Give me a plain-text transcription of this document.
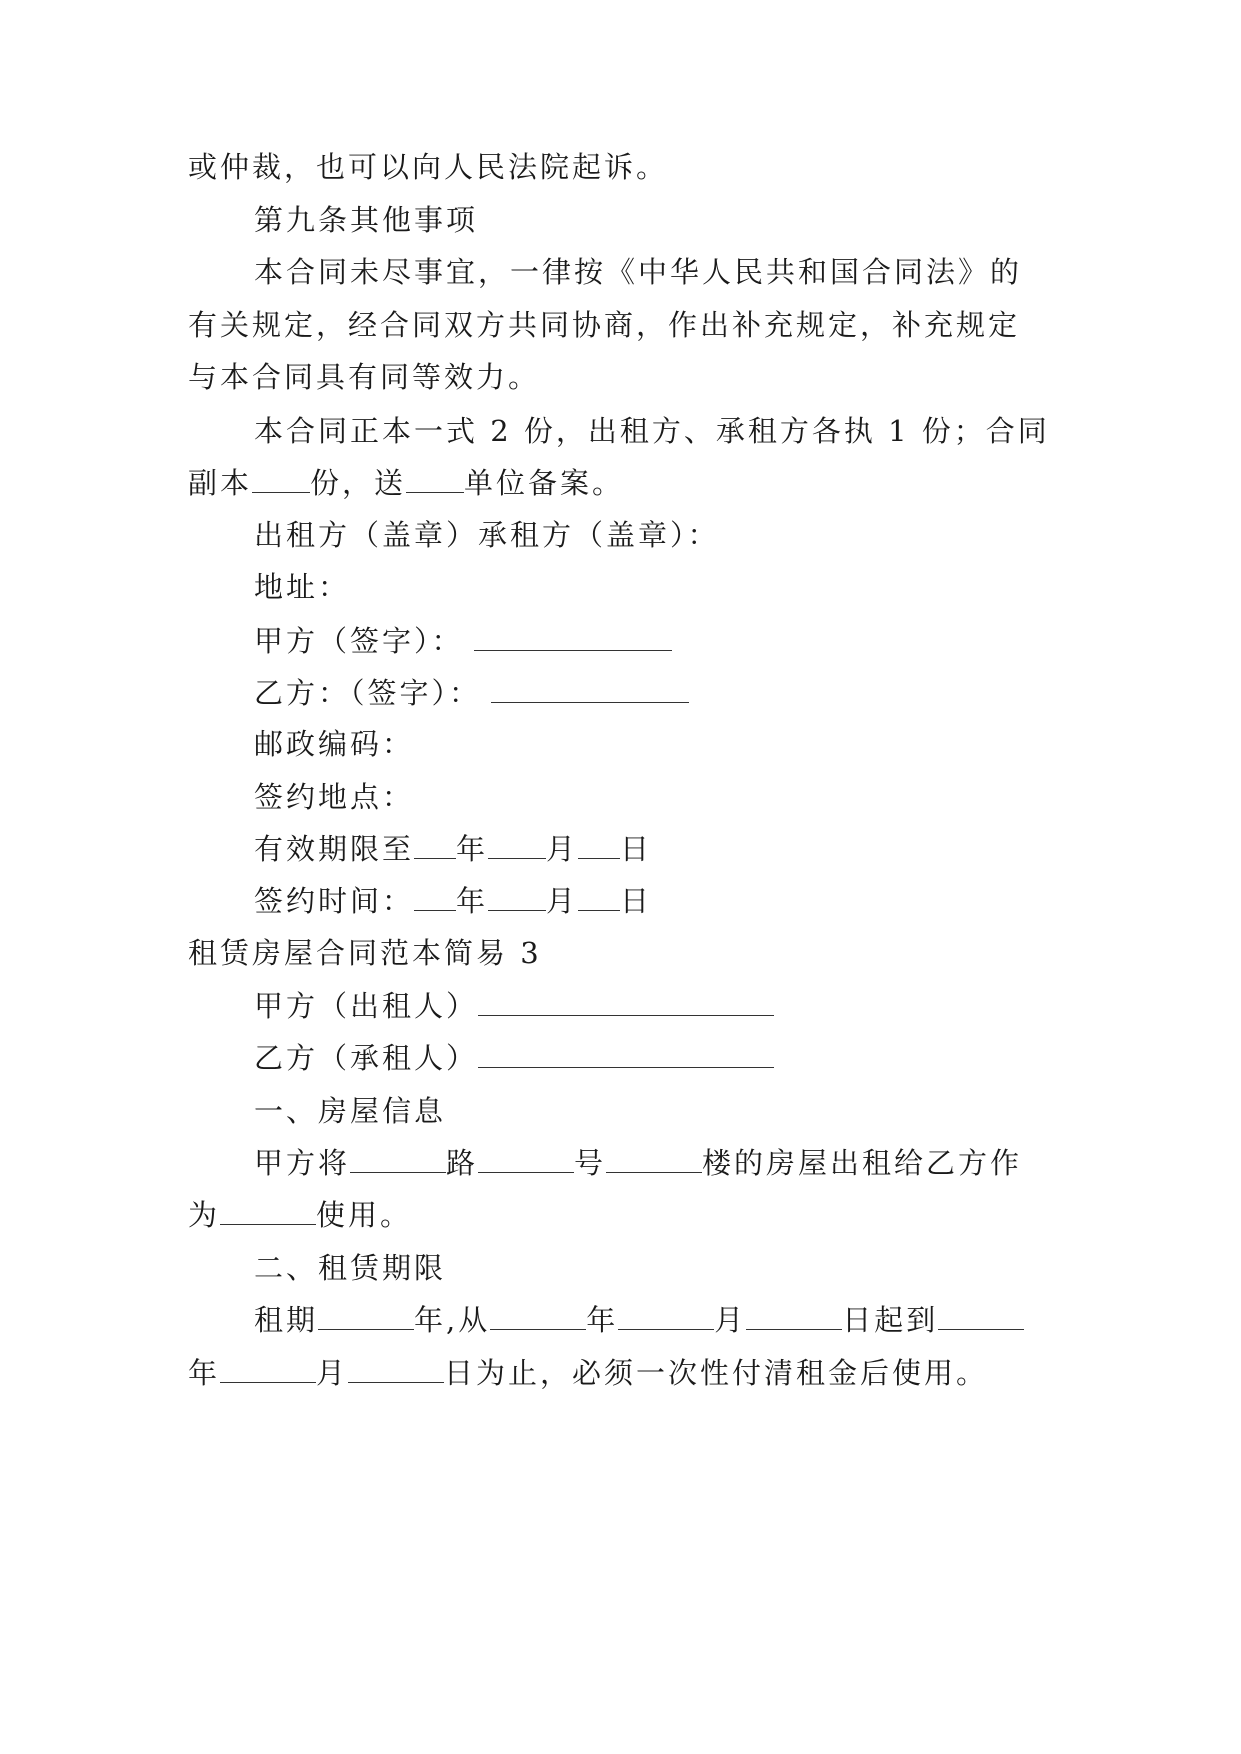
或仲裁，也可以向人民法院起诉。
第九条其他事项
本合同未尽事宜，一律按《中华人民共和国合同法》的
有关规定，经合同双方共同协商，作出补充规定，补充规定
与本合同具有同等效力。
本合同正本一式 2 份，出租方、承租方各执 1 份；合同
副本 份，送 单位备案。
出租方（盖章）承租方（盖章）：
地址：
甲方（签字）：
乙方：（签字）：
邮政编码：
签约地点：
有效期限至 年 月 日
签约时间： 年 月 日
租赁房屋合同范本简易 3
甲方（出租人）
乙方（承租人）
一、房屋信息
甲方将	路	号	楼的房屋出租给乙方作
为	使用。
二、租赁期限
租期	年,从	年	月	日起到
年	月	日为止，必须一次性付清租金后使用。
